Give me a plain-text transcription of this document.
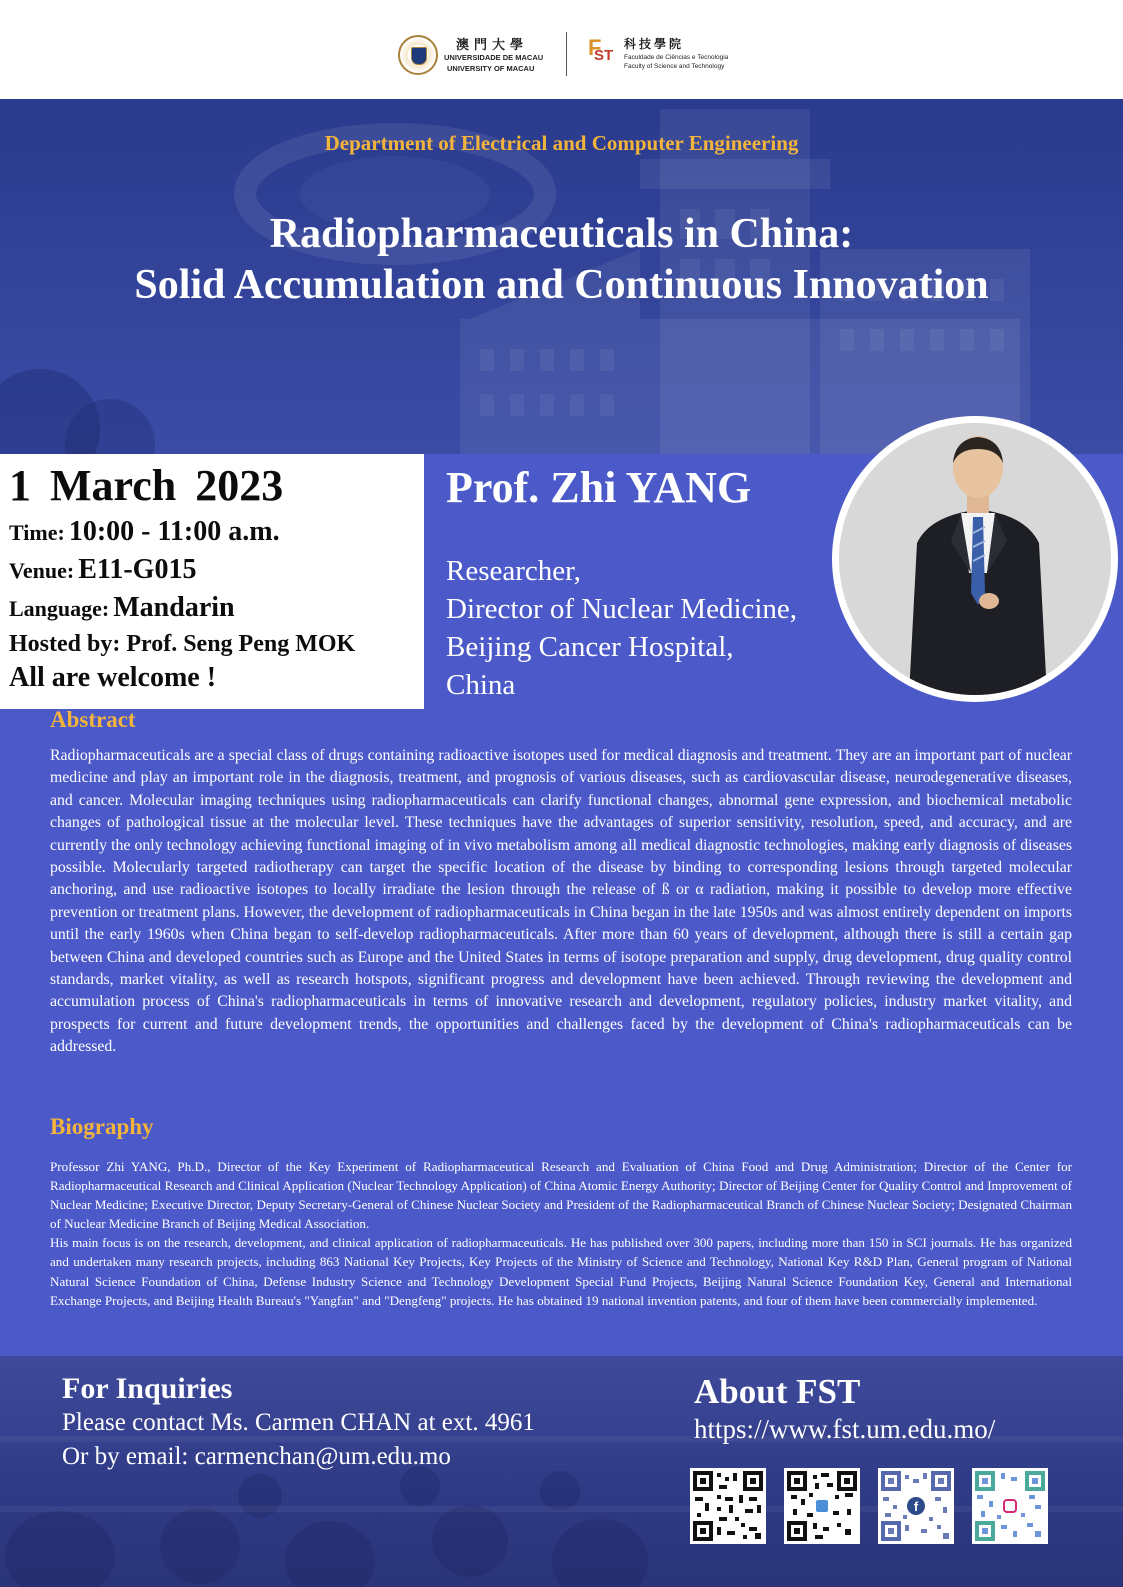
澳門大學
UNIVERSIDADE DE MACAU
UNIVERSITY OF MACAU
F
ST
科技學院
Faculdade de Ciências e Tecnologia
Faculty of Science and Technology
Department of Electrical and Computer Engineering
Radiopharmaceuticals in China:
Solid Accumulation and Continuous Innovation
1 March 2023
Time: 10:00 - 11:00 a.m.
Venue: E11-G015
Language: Mandarin
Hosted by: Prof. Seng Peng MOK
All are welcome !
Prof. Zhi YANG
Researcher,
Director of Nuclear Medicine,
Beijing Cancer Hospital,
China
Abstract
Radiopharmaceuticals are a special class of drugs containing radioactive isotopes used for medical diagnosis and treatment. They are an important part of nuclear medicine and play an important role in the diagnosis, treatment, and prognosis of various diseases, such as cardiovascular disease, neurodegenerative diseases, and cancer. Molecular imaging techniques using radiopharmaceuticals can clarify functional changes, abnormal gene expression, and biochemical metabolic changes of pathological tissue at the molecular level. These techniques have the advantages of superior sensitivity, resolution, speed, and accuracy, and are currently the only technology achieving functional imaging of in vivo metabolism among all medical diagnostic technologies, making early diagnosis of diseases possible. Molecularly targeted radiotherapy can target the specific location of the disease by binding to corresponding lesions through targeted molecular anchoring, and use radioactive isotopes to locally irradiate the lesion through the release of ß or α radiation, making it possible to develop more effective prevention or treatment plans. However, the development of radiopharmaceuticals in China began in the late 1950s and was almost entirely dependent on imports until the early 1960s when China began to self-develop radiopharmaceuticals. After more than 60 years of development, although there is still a certain gap between China and developed countries such as Europe and the United States in terms of isotope preparation and supply, drug development, drug quality control standards, market vitality, as well as research hotspots, significant progress and development have been achieved. Through reviewing the development and accumulation process of China's radiopharmaceuticals in terms of innovative research and development, regulatory policies, industry market vitality, and prospects for current and future development trends, the opportunities and challenges faced by the development of China's radiopharmaceuticals can be addressed.
Biography

Professor Zhi YANG, Ph.D., Director of the Key Experiment of Radiopharmaceutical Research and Evaluation of China Food and Drug Administration; Director of the Center for Radiopharmaceutical Research and Clinical Application (Nuclear Technology Application) of China Atomic Energy Authority; Director of Beijing Center for Quality Control and Improvement of Nuclear Medicine; Executive Director, Deputy Secretary-General of Chinese Nuclear Society and President of the Radiopharmaceutical Branch of Chinese Nuclear Society; Designated Chairman of Nuclear Medicine Branch of Beijing Medical Association.

His main focus is on the research, development, and clinical application of radiopharmaceuticals. He has published over 300 papers, including more than 150 in SCI journals. He has organized and undertaken many research projects, including 863 National Key Projects, Key Projects of the Ministry of Science and Technology, National Key R&D Plan, General program of National Natural Science Foundation of China, Defense Industry Science and Technology Development Special Fund Projects, Beijing Natural Science Foundation Key, General and International Exchange Projects, and Beijing Health Bureau's "Yangfan" and "Dengfeng" projects. He has obtained 19 national invention patents, and four of them have been commercially implemented.

For Inquiries
Please contact Ms. Carmen CHAN at ext. 4961
Or by email: carmenchan@um.edu.mo
About FST
https://www.fst.um.edu.mo/
f
